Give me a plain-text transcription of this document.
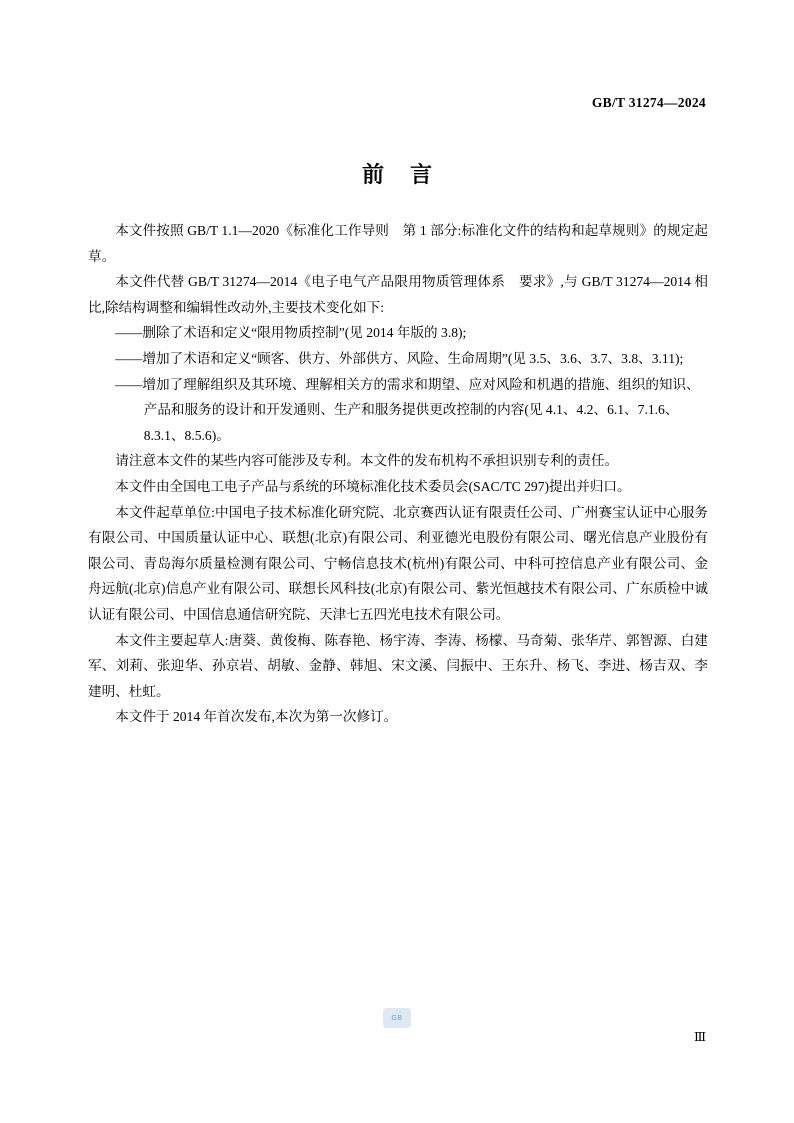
GB/T 31274—2024
前言

本文件按照 GB/T 1.1—2020《标准化工作导则　第 1 部分:标准化文件的结构和起草规则》的规定起草。

本文件代替 GB/T 31274—2014《电子电气产品限用物质管理体系　要求》,与 GB/T 31274—2014 相比,除结构调整和编辑性改动外,主要技术变化如下:

——删除了术语和定义“限用物质控制”(见 2014 年版的 3.8);

——增加了术语和定义“顾客、供方、外部供方、风险、生命周期”(见 3.5、3.6、3.7、3.8、3.11);

——增加了理解组织及其环境、理解相关方的需求和期望、应对风险和机遇的措施、组织的知识、

产品和服务的设计和开发通则、生产和服务提供更改控制的内容(见 4.1、4.2、6.1、7.1.6、

8.3.1、8.5.6)。

请注意本文件的某些内容可能涉及专利。本文件的发布机构不承担识别专利的责任。

本文件由全国电工电子产品与系统的环境标准化技术委员会(SAC/TC 297)提出并归口。

本文件起草单位:中国电子技术标准化研究院、北京赛西认证有限责任公司、广州赛宝认证中心服务有限公司、中国质量认证中心、联想(北京)有限公司、利亚德光电股份有限公司、曙光信息产业股份有限公司、青岛海尔质量检测有限公司、宁畅信息技术(杭州)有限公司、中科可控信息产业有限公司、金舟远航(北京)信息产业有限公司、联想长风科技(北京)有限公司、紫光恒越技术有限公司、广东质检中诚认证有限公司、中国信息通信研究院、天津七五四光电技术有限公司。

本文件主要起草人:唐葵、黄俊梅、陈春艳、杨宇涛、李涛、杨檬、马奇菊、张华芹、郭智源、白建军、刘莉、张迎华、孙京岩、胡敏、金静、韩旭、宋文溪、闫振中、王东升、杨飞、李进、杨吉双、李建明、杜虹。

本文件于 2014 年首次发布,本次为第一次修订。

GB
Ⅲ
